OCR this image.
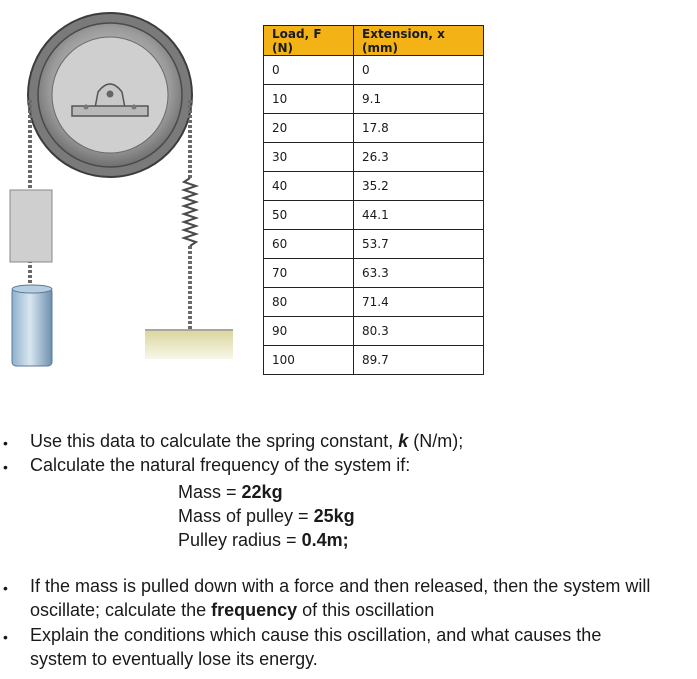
Load, F (N)	Extension, x (mm)
0	0
10	9.1
20	17.8
30	26.3
40	35.2
50	44.1
60	53.7
70	63.3
80	71.4
90	80.3
100	89.7
• Use this data to calculate the spring constant, k (N/m);
• Calculate the natural frequency of the system if:
Mass = 22kg
Mass of pulley = 25kg
Pulley radius = 0.4m;
• If the mass is pulled down with a force and then released, then the system will
oscillate; calculate the frequency of this oscillation
• Explain the conditions which cause this oscillation, and what causes the
system to eventually lose its energy.
